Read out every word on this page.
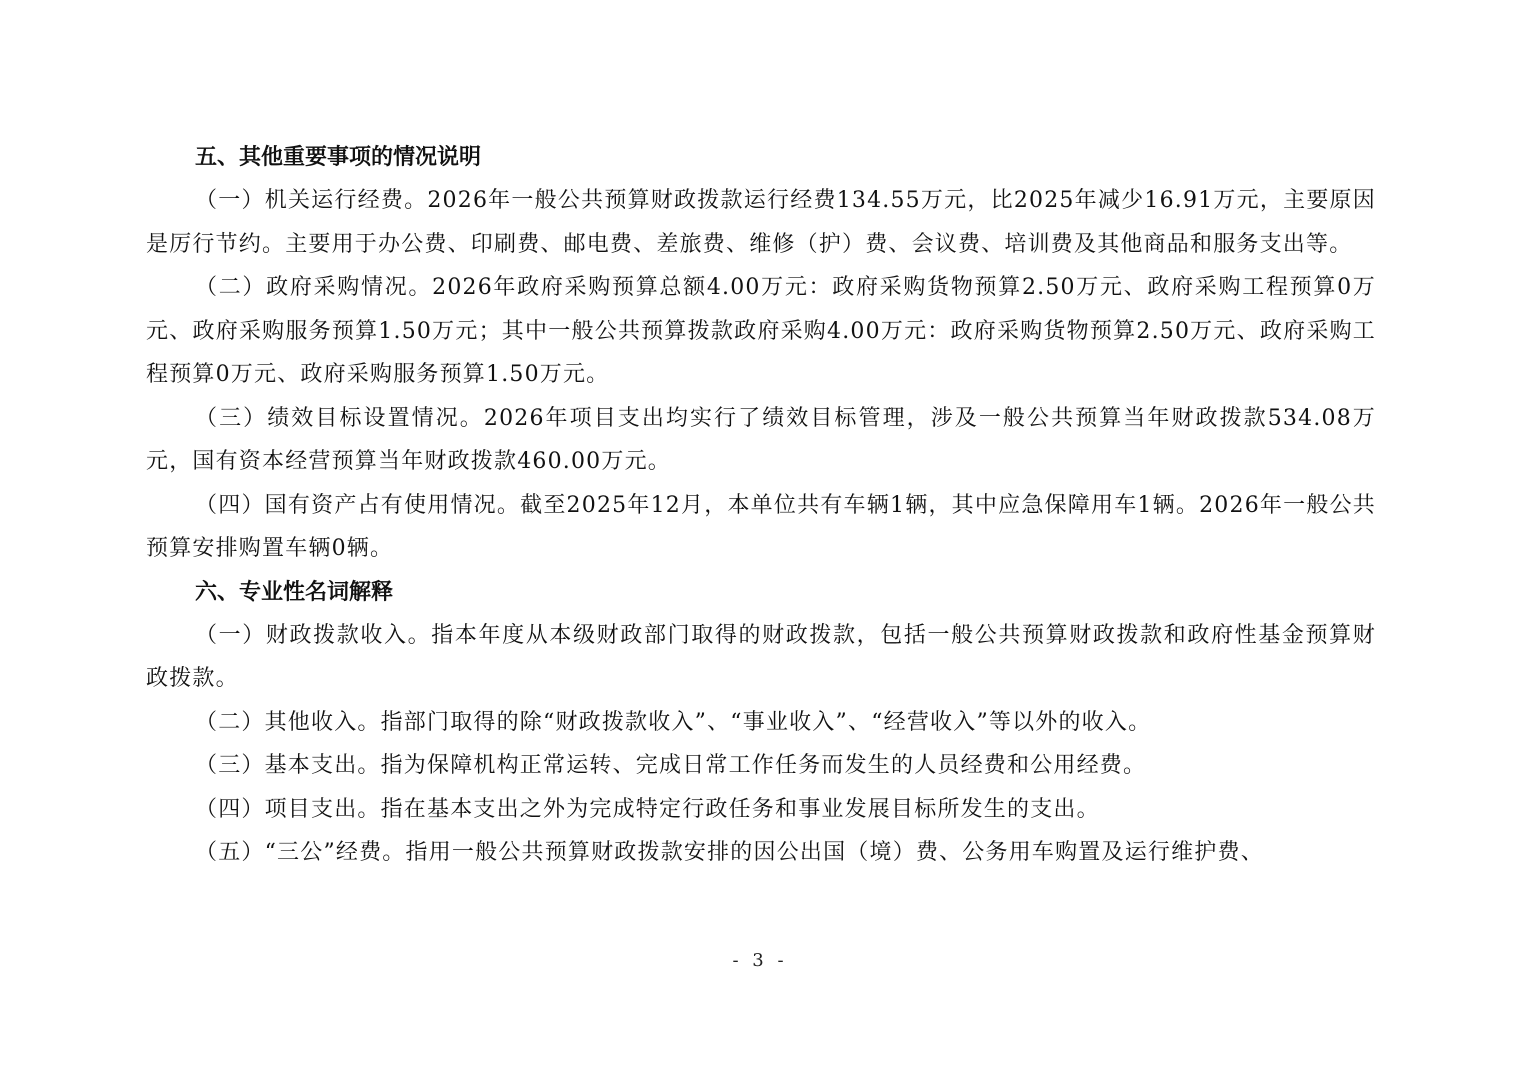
五、其他重要事项的情况说明

（一）机关运行经费。2026年一般公共预算财政拨款运行经费134.55万元，比2025年减少16.91万元，主要原因是厉行节约。主要用于办公费、印刷费、邮电费、差旅费、维修（护）费、会议费、培训费及其他商品和服务支出等。

（二）政府采购情况。2026年政府采购预算总额4.00万元：政府采购货物预算2.50万元、政府采购工程预算0万元、政府采购服务预算1.50万元；其中一般公共预算拨款政府采购4.00万元：政府采购货物预算2.50万元、政府采购工程预算0万元、政府采购服务预算1.50万元。

（三）绩效目标设置情况。2026年项目支出均实行了绩效目标管理，涉及一般公共预算当年财政拨款534.08万元，国有资本经营预算当年财政拨款460.00万元。

（四）国有资产占有使用情况。截至2025年12月，本单位共有车辆1辆，其中应急保障用车1辆。2026年一般公共预算安排购置车辆0辆。

六、专业性名词解释

（一）财政拨款收入。指本年度从本级财政部门取得的财政拨款，包括一般公共预算财政拨款和政府性基金预算财政拨款。

（二）其他收入。指部门取得的除“财政拨款收入”、“事业收入”、“经营收入”等以外的收入。

（三）基本支出。指为保障机构正常运转、完成日常工作任务而发生的人员经费和公用经费。

（四）项目支出。指在基本支出之外为完成特定行政任务和事业发展目标所发生的支出。

（五）“三公”经费。指用一般公共预算财政拨款安排的因公出国（境）费、公务用车购置及运行维护费、

- 3 -
